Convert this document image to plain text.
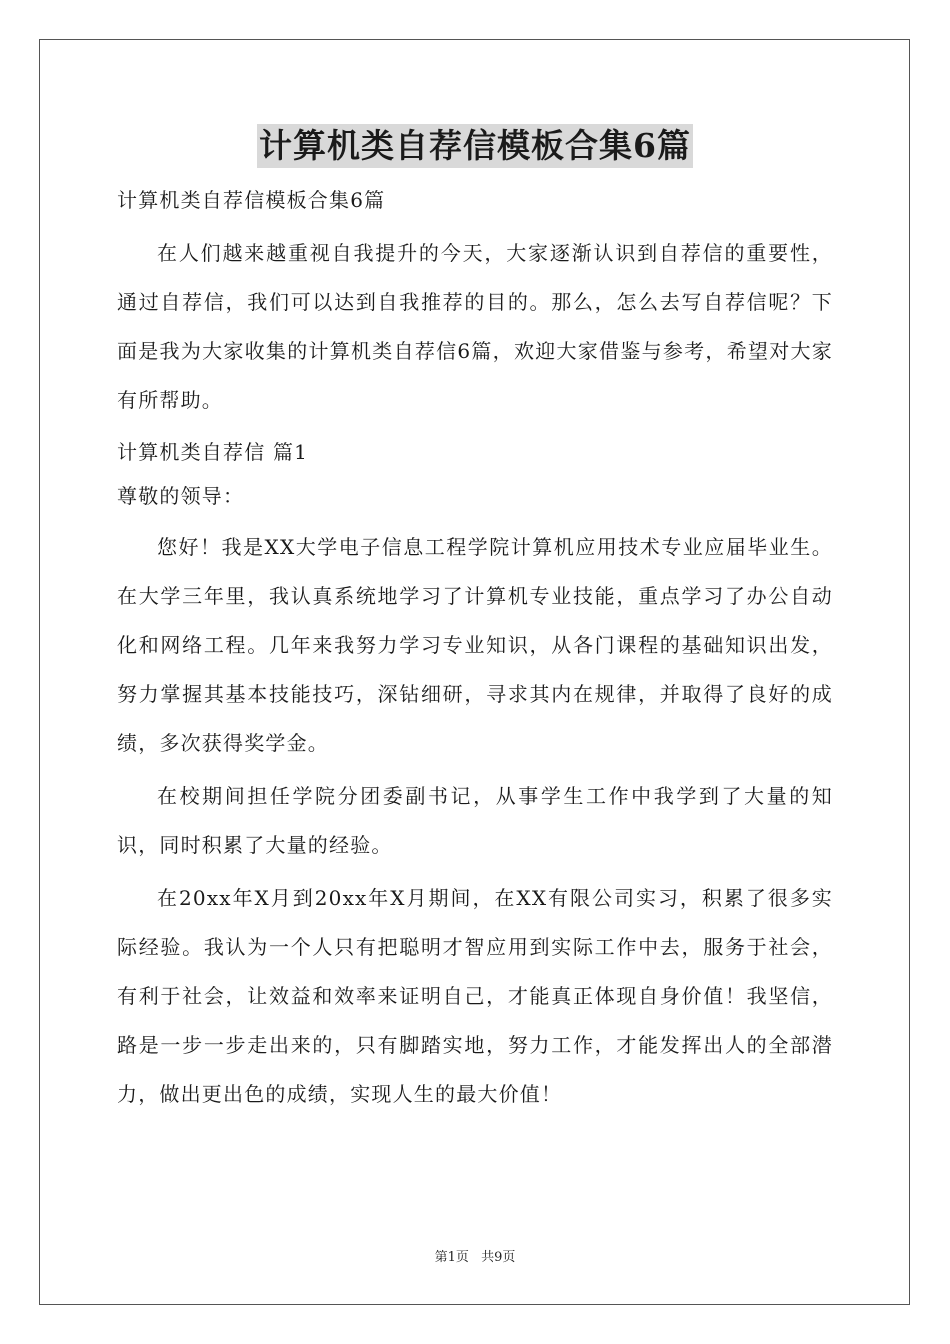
计算机类自荐信模板合集6篇

计算机类自荐信模板合集6篇

在人们越来越重视自我提升的今天，大家逐渐认识到自荐信的重要性，通过自荐信，我们可以达到自我推荐的目的。那么，怎么去写自荐信呢？下面是我为大家收集的计算机类自荐信6篇，欢迎大家借鉴与参考，希望对大家有所帮助。

计算机类自荐信 篇1

尊敬的领导：

您好！我是XX大学电子信息工程学院计算机应用技术专业应届毕业生。在大学三年里，我认真系统地学习了计算机专业技能，重点学习了办公自动化和网络工程。几年来我努力学习专业知识，从各门课程的基础知识出发，努力掌握其基本技能技巧，深钻细研，寻求其内在规律，并取得了良好的成绩，多次获得奖学金。

在校期间担任学院分团委副书记，从事学生工作中我学到了大量的知识，同时积累了大量的经验。

在20xx年X月到20xx年X月期间，在XX有限公司实习，积累了很多实际经验。我认为一个人只有把聪明才智应用到实际工作中去，服务于社会，有利于社会，让效益和效率来证明自己，才能真正体现自身价值！我坚信，路是一步一步走出来的，只有脚踏实地，努力工作，才能发挥出人的全部潜力，做出更出色的成绩，实现人生的最大价值！

第1页 共9页
